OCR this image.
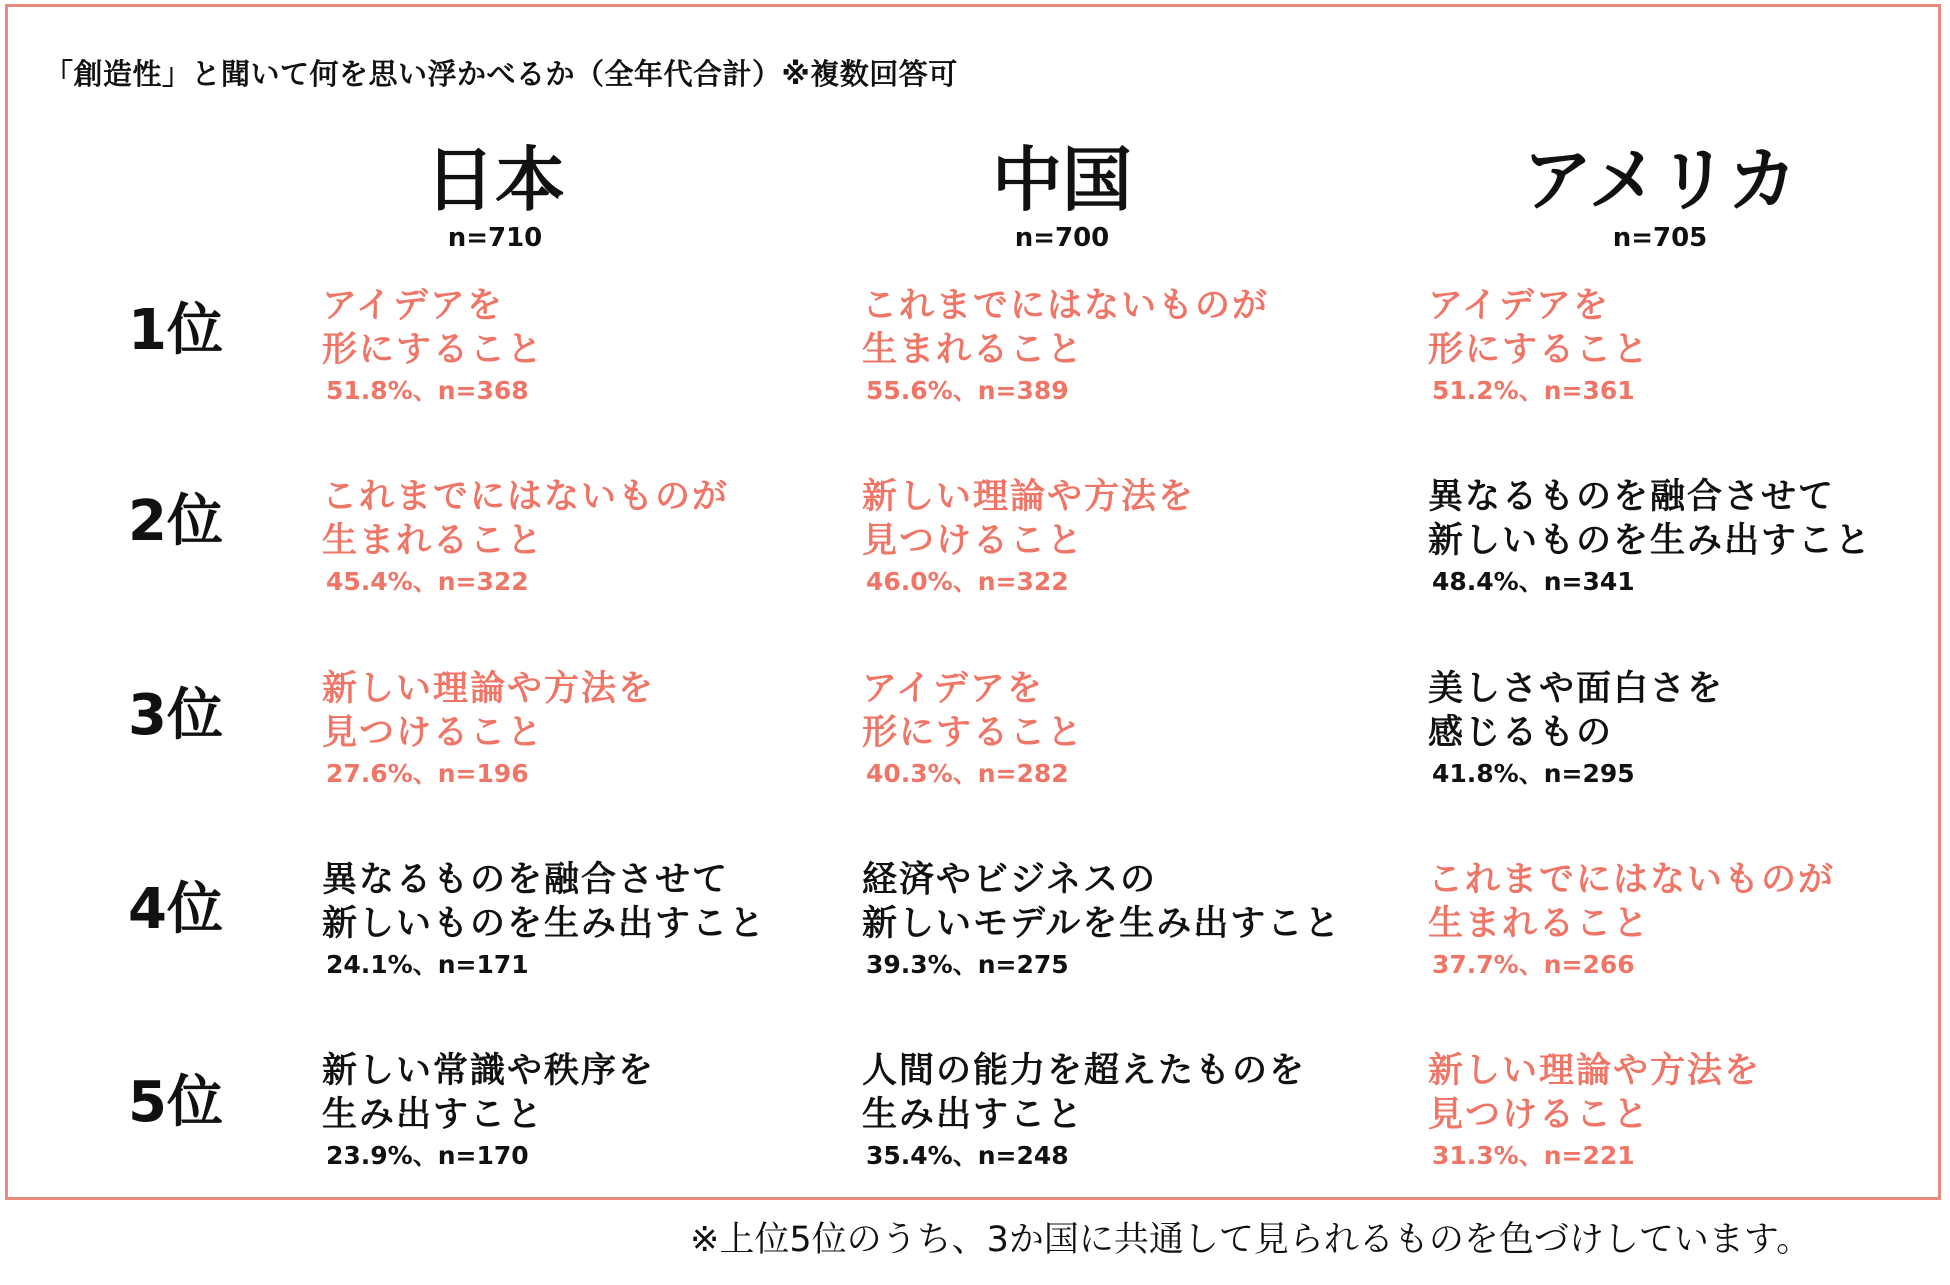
「創造性」と聞いて何を思い浮かべるか（全年代合計）※複数回答可
日本
n=710
中国
n=700
アメリカ
n=705
1位
2位
3位
4位
5位
アイデアを
形にすること
51.8%、n=368
これまでにはないものが
生まれること
45.4%、n=322
新しい理論や方法を
見つけること
27.6%、n=196
異なるものを融合させて
新しいものを生み出すこと
24.1%、n=171
新しい常識や秩序を
生み出すこと
23.9%、n=170
これまでにはないものが
生まれること
55.6%、n=389
新しい理論や方法を
見つけること
46.0%、n=322
アイデアを
形にすること
40.3%、n=282
経済やビジネスの
新しいモデルを生み出すこと
39.3%、n=275
人間の能力を超えたものを
生み出すこと
35.4%、n=248
アイデアを
形にすること
51.2%、n=361
異なるものを融合させて
新しいものを生み出すこと
48.4%、n=341
美しさや面白さを
感じるもの
41.8%、n=295
これまでにはないものが
生まれること
37.7%、n=266
新しい理論や方法を
見つけること
31.3%、n=221
※上位5位のうち、3か国に共通して見られるものを色づけしています。
